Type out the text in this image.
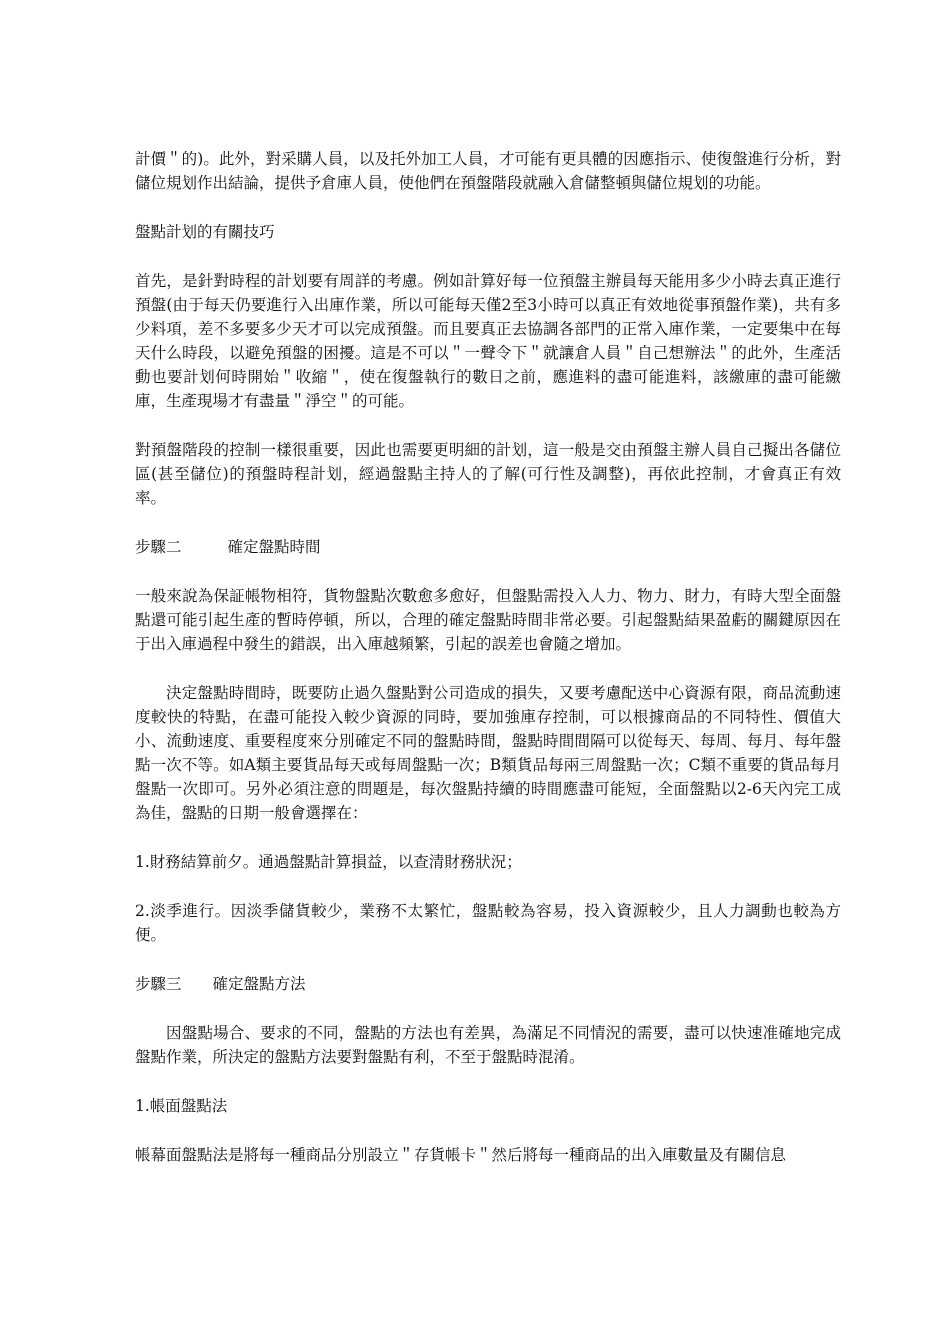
計價＂的)。此外，對采購人員，以及托外加工人員，才可能有更具體的因應指示、使復盤進行分析，對儲位規划作出結論，提供予倉庫人員，使他們在預盤階段就融入倉儲整頓與儲位規划的功能。

盤點計划的有關技巧

首先，是針對時程的計划要有周詳的考慮。例如計算好每一位預盤主辦員每天能用多少小時去真正進行預盤(由于每天仍要進行入出庫作業，所以可能每天僅2至3小時可以真正有效地從事預盤作業)，共有多少料項，差不多要多少天才可以完成預盤。而且要真正去協調各部門的正常入庫作業，一定要集中在每天什么時段，以避免預盤的困擾。這是不可以＂一聲令下＂就讓倉人員＂自己想辦法＂的此外，生產活動也要計划何時開始＂收縮＂，使在復盤執行的數日之前，應進料的盡可能進料，該繳庫的盡可能繳庫，生產現場才有盡量＂淨空＂的可能。

對預盤階段的控制一樣很重要，因此也需要更明細的計划，這一般是交由預盤主辦人員自己擬出各儲位區(甚至儲位)的預盤時程計划，經過盤點主持人的了解(可行性及調整)，再依此控制，才會真正有效率。

步驟二	確定盤點時間

一般來說為保証帳物相符，貨物盤點次數愈多愈好，但盤點需投入人力、物力、財力，有時大型全面盤點還可能引起生產的暫時停頓，所以，合理的確定盤點時間非常必要。引起盤點結果盈虧的關鍵原因在于出入庫過程中發生的錯誤，出入庫越頻繁，引起的誤差也會隨之增加。

決定盤點時間時，既要防止過久盤點對公司造成的損失，又要考慮配送中心資源有限，商品流動速度較快的特點，在盡可能投入較少資源的同時，要加強庫存控制，可以根據商品的不同特性、價值大小、流動速度、重要程度來分別確定不同的盤點時間，盤點時間間隔可以從每天、每周、每月、每年盤點一次不等。如A類主要貨品每天或每周盤點一次；B類貨品每兩三周盤點一次；C類不重要的貨品每月盤點一次即可。另外必須注意的問題是，每次盤點持續的時間應盡可能短，全面盤點以2-6天內完工成為佳，盤點的日期一般會選擇在：

1.財務結算前夕。通過盤點計算損益，以查清財務狀況；

2.淡季進行。因淡季儲貨較少，業務不太繁忙，盤點較為容易，投入資源較少，且人力調動也較為方便。

步驟三 確定盤點方法

因盤點場合、要求的不同，盤點的方法也有差異，為滿足不同情況的需要，盡可以快速准確地完成盤點作業，所決定的盤點方法要對盤點有利，不至于盤點時混淆。

1.帳面盤點法

帳幕面盤點法是將每一種商品分別設立＂存貨帳卡＂然后將每一種商品的出入庫數量及有關信息
